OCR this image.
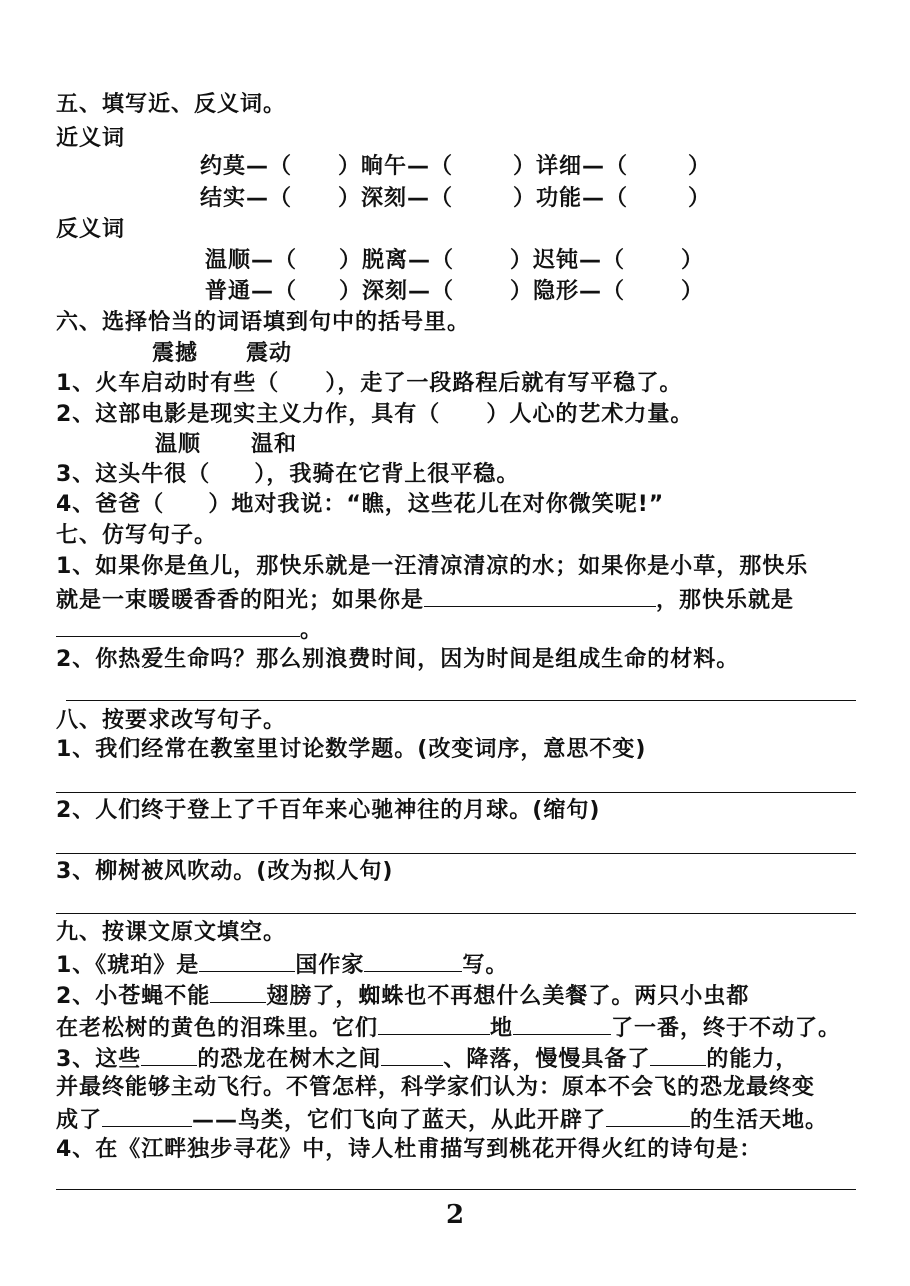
五、填写近、反义词。
近义词
约莫—（ ）晌午—（	）详细—（	）
结实—（ ）深刻—（	）功能—（	）
反义词
温顺—（ ）脱离—（	）迟钝—（	）
普通—（ ）深刻—（	）隐形—（	）
六、选择恰当的词语填到句中的括号里。
震撼 震动
1、火车启动时有些（ ），走了一段路程后就有写平稳了。
2、这部电影是现实主义力作，具有（ ）人心的艺术力量。
温顺 温和
3、这头牛很（ ），我骑在它背上很平稳。
4、爸爸（ ）地对我说：“瞧，这些花儿在对你微笑呢!”
七、仿写句子。
1、如果你是鱼儿，那快乐就是一汪清凉清凉的水；如果你是小草，那快乐
就是一束暖暖香香的阳光；如果你是	，那快乐就是
。
2、你热爱生命吗？那么别浪费时间，因为时间是组成生命的材料。
八、按要求改写句子。
1、我们经常在教室里讨论数学题。(改变词序，意思不变)
2、人们终于登上了千百年来心驰神往的月球。(缩句)
3、柳树被风吹动。(改为拟人句)
九、按课文原文填空。
1、《琥珀》是	国作家	写。
2、小苍蝇不能	翅膀了，蜘蛛也不再想什么美餐了。两只小虫都
在老松树的黄色的泪珠里。它们	地	了一番，终于不动了。
3、这些	的恐龙在树木之间	、降落，慢慢具备了	的能力，
并最终能够主动飞行。不管怎样，科学家们认为：原本不会飞的恐龙最终变
成了	——鸟类，它们飞向了蓝天，从此开辟了	的生活天地。
4、在《江畔独步寻花》中，诗人杜甫描写到桃花开得火红的诗句是：
2
